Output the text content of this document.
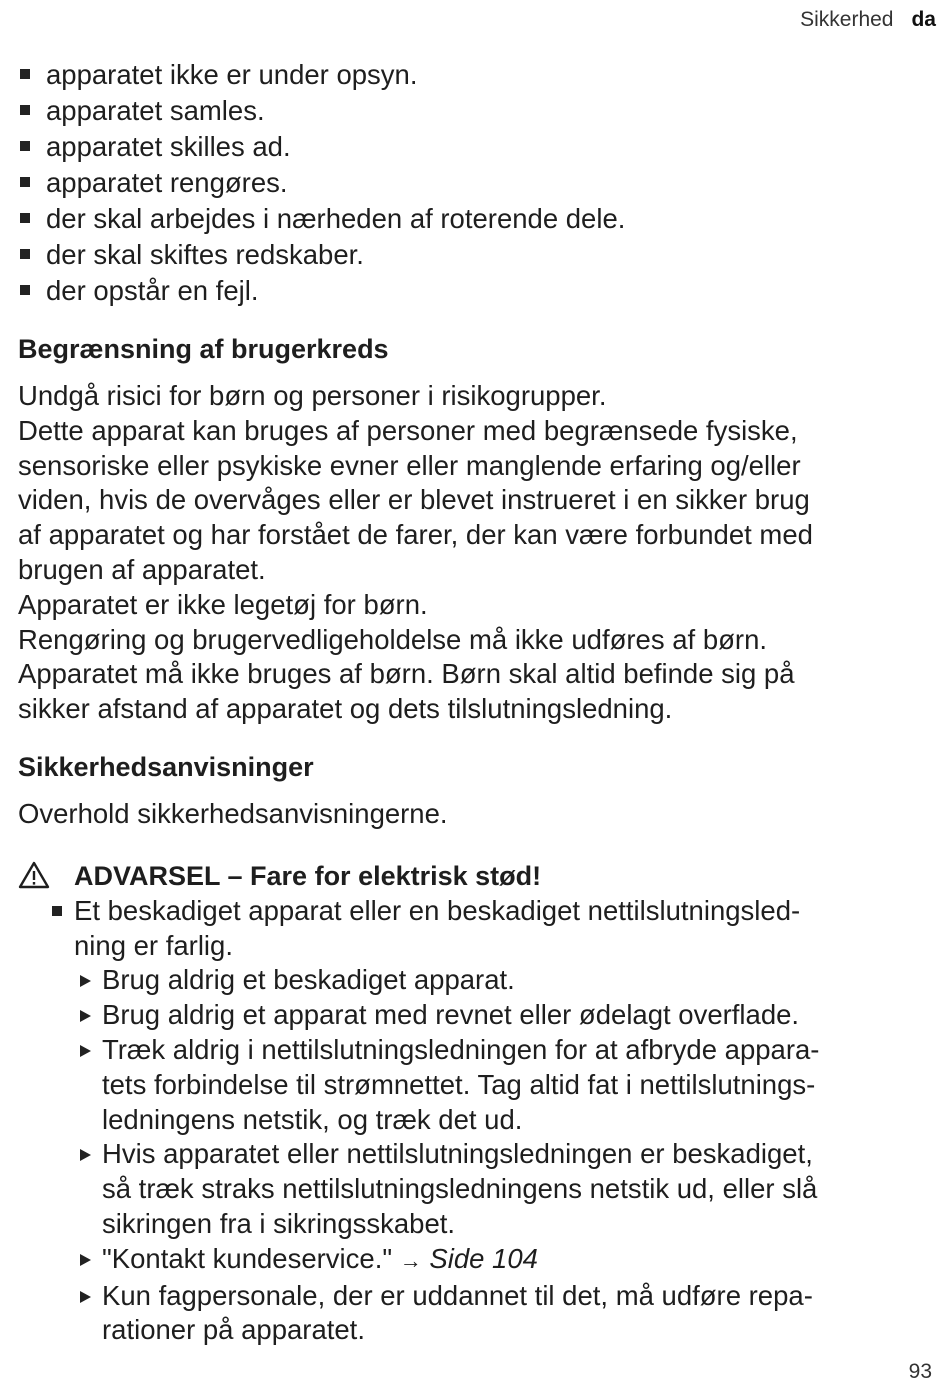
Sikkerhed da
apparatet ikke er under opsyn.
apparatet samles.
apparatet skilles ad.
apparatet rengøres.
der skal arbejdes i nærheden af roterende dele.
der skal skiftes redskaber.
der opstår en fejl.
Begrænsning af brugerkreds

Undgå risici for børn og personer i risikogrupper.

Dette apparat kan bruges af personer med begrænsede fysiske,

sensoriske eller psykiske evner eller manglende erfaring og/eller

viden, hvis de overvåges eller er blevet instrueret i en sikker brug

af apparatet og har forstået de farer, der kan være forbundet med

brugen af apparatet.

Apparatet er ikke legetøj for børn.

Rengøring og brugervedligeholdelse må ikke udføres af børn.

Apparatet må ikke bruges af børn. Børn skal altid befinde sig på

sikker afstand af apparatet og dets tilslutningsledning.

Sikkerhedsanvisninger

Overhold sikkerhedsanvisningerne.

ADVARSEL – Fare for elektrisk stød!
Et beskadiget apparat eller en beskadiget nettilslutningsled-
ning er farlig.
Brug aldrig et beskadiget apparat.
Brug aldrig et apparat med revnet eller ødelagt overflade.
Træk aldrig i nettilslutningsledningen for at afbryde appara-
tets forbindelse til strømnettet. Tag altid fat i nettilslutnings-
ledningens netstik, og træk det ud.
Hvis apparatet eller nettilslutningsledningen er beskadiget,
så træk straks nettilslutningsledningens netstik ud, eller slå
sikringen fra i sikringsskabet.
"Kontakt kundeservice." → Side 104
Kun fagpersonale, der er uddannet til det, må udføre repa-
rationer på apparatet.
93
